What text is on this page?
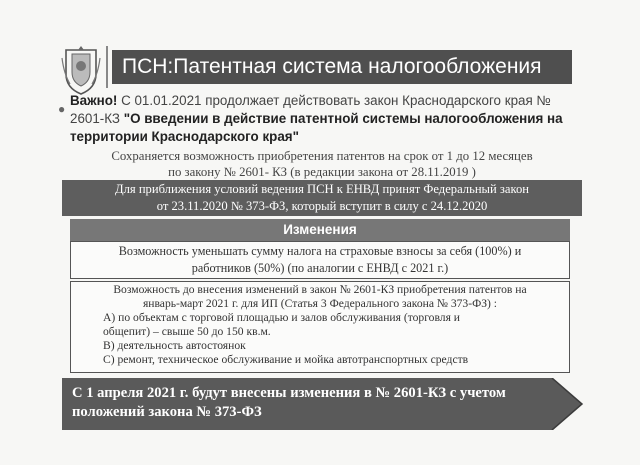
ПСН:Патентная система налогообложения
●
Важно! С 01.01.2021 продолжает действовать закон Краснодарского края № 2601-КЗ "О введении в действие патентной системы налогообложения на территории Краснодарского края"
Сохраняется возможность приобретения патентов на срок от 1 до 12 месяцев
по закону № 2601- КЗ (в редакции закона от 28.11.2019 )
Для приближения условий ведения ПСН к ЕНВД принят Федеральный закон
от 23.11.2020 № 373-ФЗ, который вступит в силу с 24.12.2020
Изменения
Возможность уменьшать сумму налога на страховые взносы за себя (100%) и
работников (50%) (по аналогии с ЕНВД с 2021 г.)
Возможность до внесения изменений в закон № 2601-КЗ приобретения патентов на
январь-март 2021 г. для ИП (Статья 3 Федерального закона № 373-ФЗ) :
А) по объектам с торговой площадью и залов обслуживания (торговля и
общепит) – свыше 50 до 150 кв.м.
В) деятельность автостоянок
С) ремонт, техническое обслуживание и мойка автотранспортных средств
С 1 апреля 2021 г. будут внесены изменения в № 2601-КЗ с учетом
положений закона № 373-ФЗ
